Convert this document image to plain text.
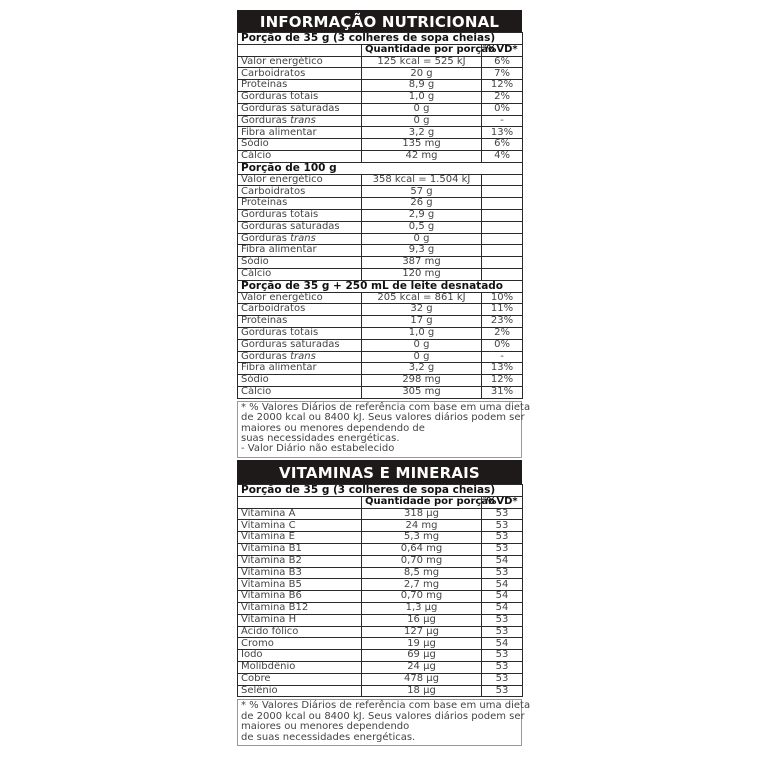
INFORMAÇÃO NUTRICIONAL
Porção de 35 g (3 colheres de sopa cheias)		
	Quantidade por porção	%VD*
Valor energético	125 kcal = 525 kJ	6%
Carboidratos	20 g	7%
Proteínas	8,9 g	12%
Gorduras totais	1,0 g	2%
Gorduras saturadas	0 g	0%
Gorduras trans	0 g	-
Fibra alimentar	3,2 g	13%
Sódio	135 mg	6%
Cálcio	42 mg	4%
Porção de 100 g		
Valor energético	358 kcal = 1.504 kJ	
Carboidratos	57 g	
Proteínas	26 g	
Gorduras totais	2,9 g	
Gorduras saturadas	0,5 g	
Gorduras trans	0 g	
Fibra alimentar	9,3 g	
Sódio	387 mg	
Cálcio	120 mg	
Porção de 35 g + 250 mL de leite desnatado		
Valor energético	205 kcal = 861 kJ	10%
Carboidratos	32 g	11%
Proteínas	17 g	23%
Gorduras totais	1,0 g	2%
Gorduras saturadas	0 g	0%
Gorduras trans	0 g	-
Fibra alimentar	3,2 g	13%
Sódio	298 mg	12%
Cálcio	305 mg	31%
* % Valores Diários de referência com base em uma dieta
de 2000 kcal ou 8400 kJ. Seus valores diários podem ser
maiores ou menores dependendo de
suas necessidades energéticas.
- Valor Diário não estabelecido
VITAMINAS E MINERAIS
Porção de 35 g (3 colheres de sopa cheias)		
	Quantidade por porção	%VD*
Vitamina A	318 µg	53
Vitamina C	24 mg	53
Vitamina E	5,3 mg	53
Vitamina B1	0,64 mg	53
Vitamina B2	0,70 mg	54
Vitamina B3	8,5 mg	53
Vitamina B5	2,7 mg	54
Vitamina B6	0,70 mg	54
Vitamina B12	1,3 µg	54
Vitamina H	16 µg	53
Acido fólico	127 µg	53
Cromo	19 µg	54
Iodo	69 µg	53
Molibdênio	24 µg	53
Cobre	478 µg	53
Selênio	18 µg	53
* % Valores Diários de referência com base em uma dieta
de 2000 kcal ou 8400 kJ. Seus valores diários podem ser
maiores ou menores dependendo
de suas necessidades energéticas.
